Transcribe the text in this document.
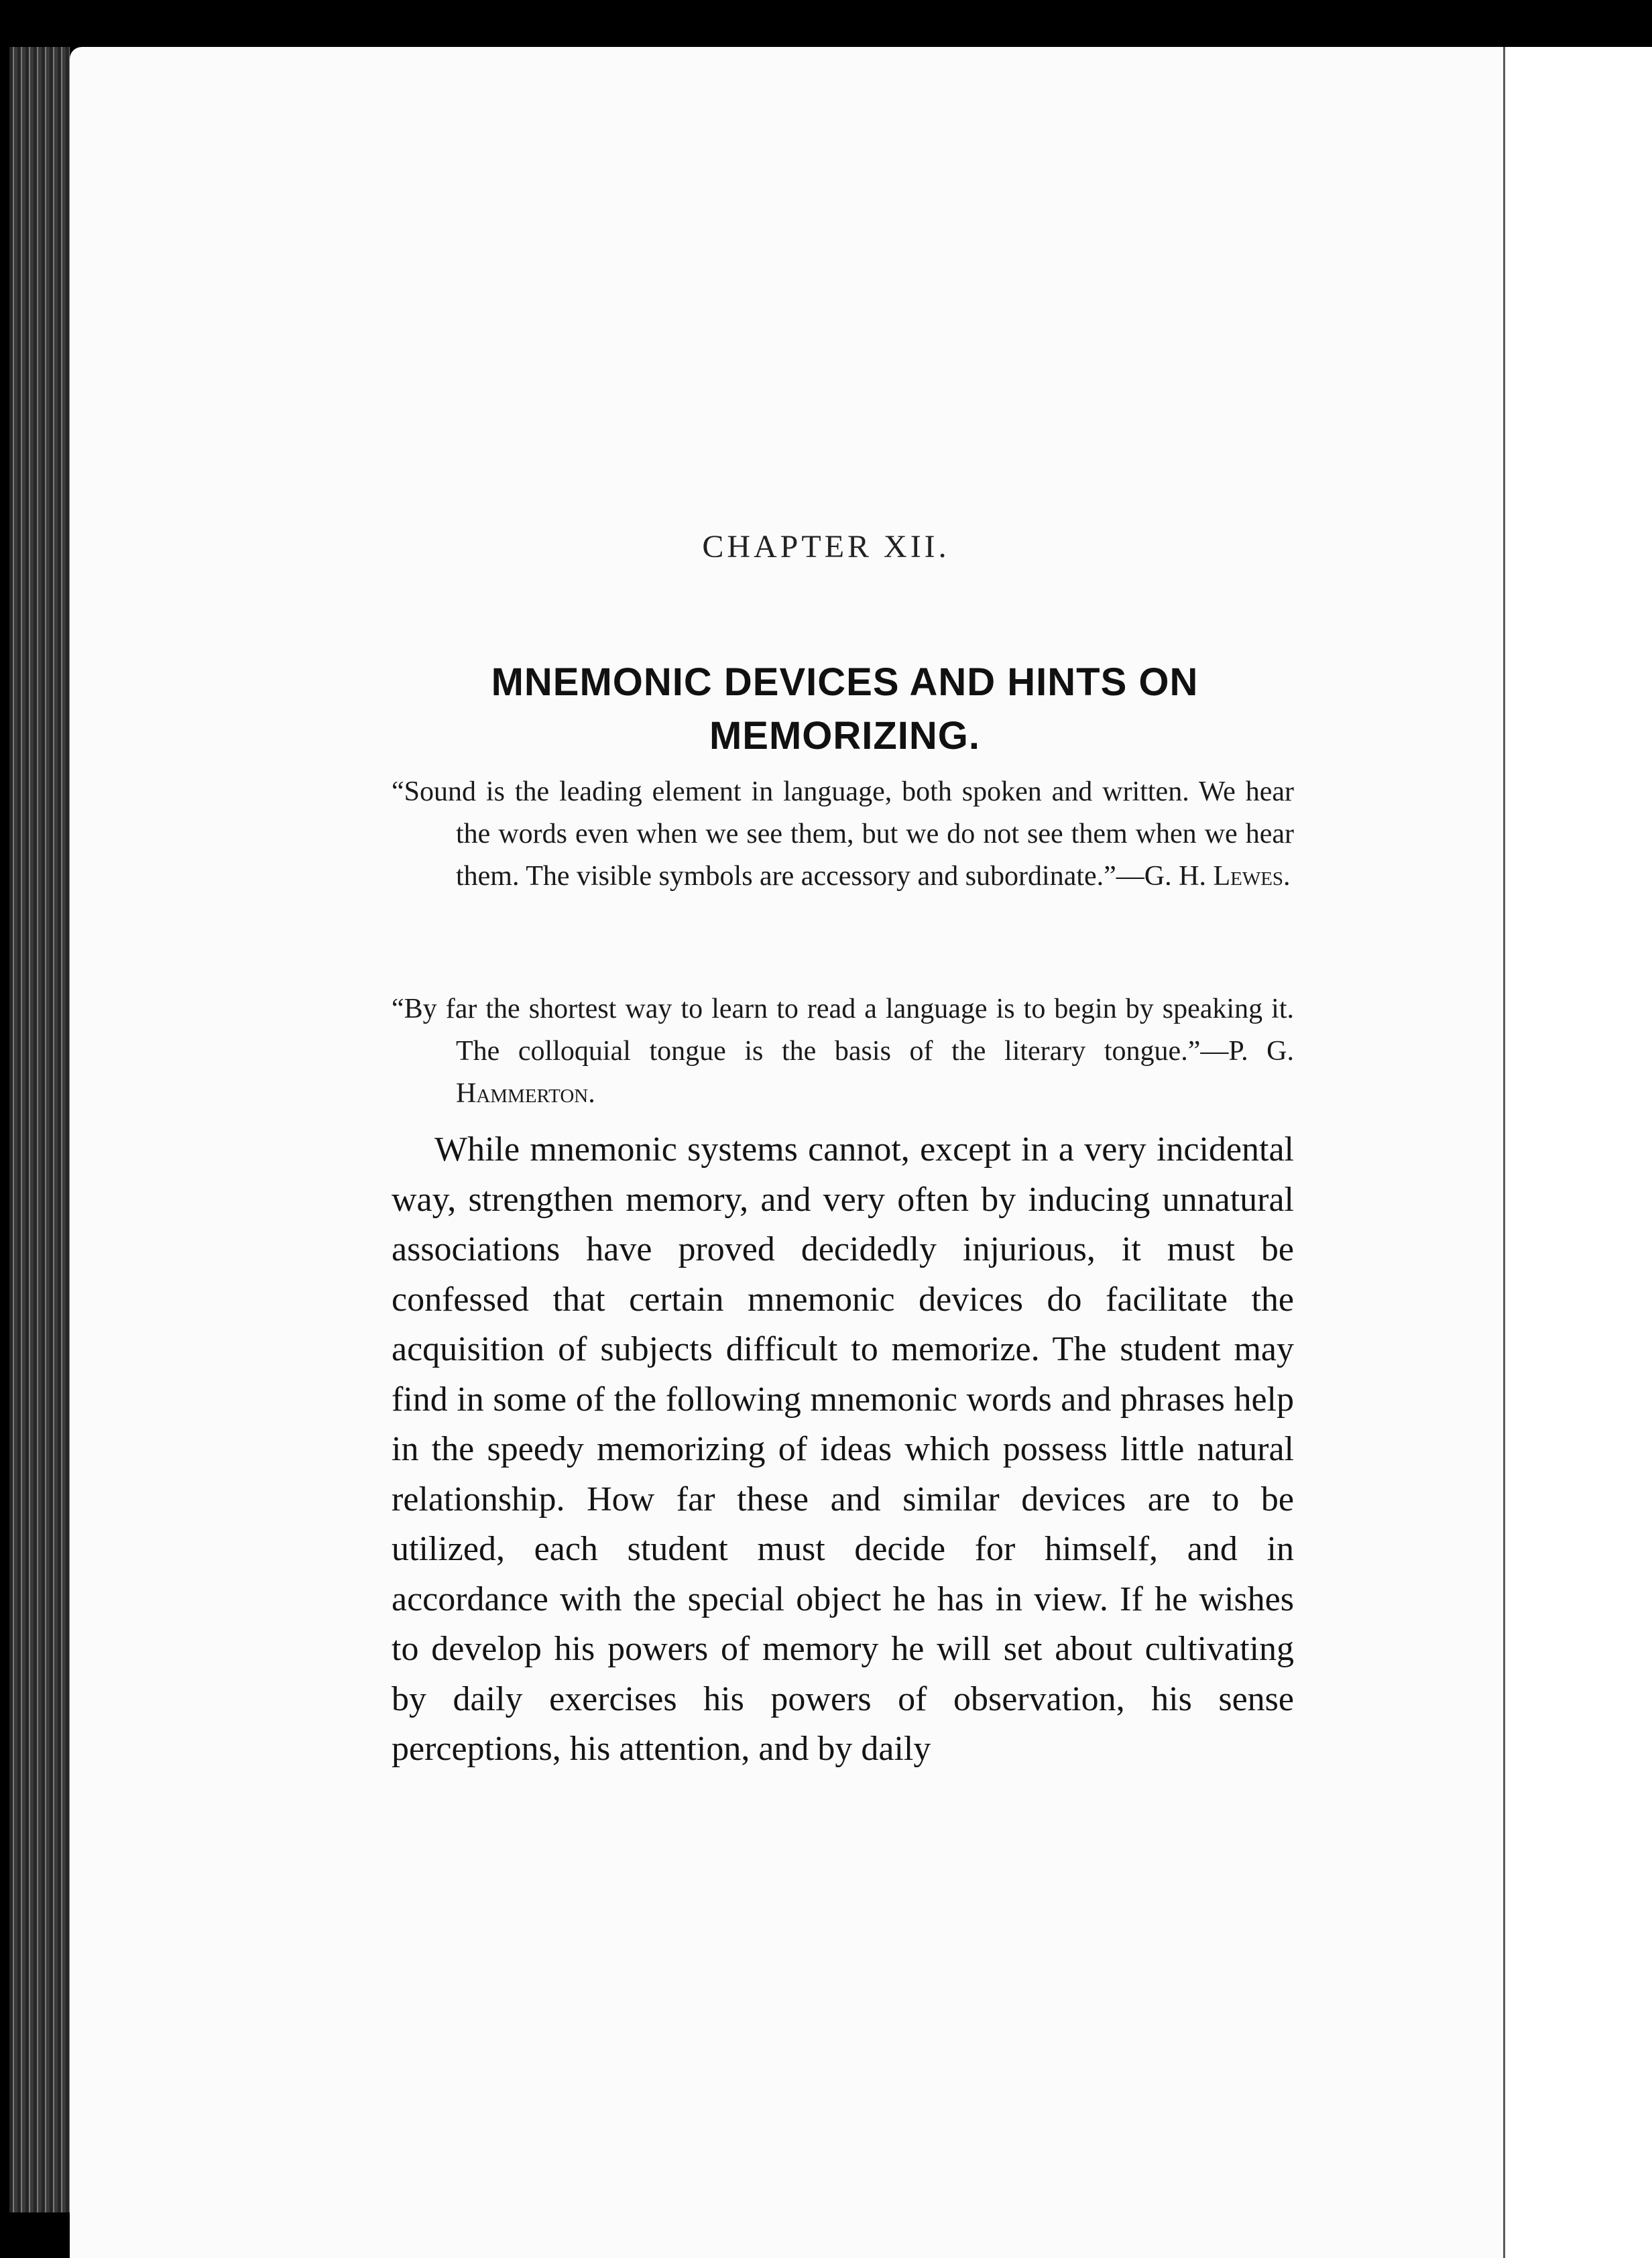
CHAPTER XII.
MNEMONIC DEVICES AND HINTS ON
MEMORIZING.

“Sound is the leading element in language, both spoken and written. We hear the words even when we see them, but we do not see them when we hear them. The visible symbols are accessory and subordinate.”—G. H. Lewes.

“By far the shortest way to learn to read a language is to begin by speaking it. The colloquial tongue is the basis of the literary tongue.”—P. G. Hammerton.

While mnemonic systems cannot, except in a very incidental way, strengthen memory, and very often by inducing unnatural associations have proved decidedly injurious, it must be confessed that certain mnemonic devices do facilitate the acquisition of subjects difficult to memorize. The student may find in some of the following mnemonic words and phrases help in the speedy memorizing of ideas which possess little natural relationship. How far these and similar devices are to be utilized, each student must decide for himself, and in accordance with the special object he has in view. If he wishes to develop his powers of memory he will set about cultivating by daily exercises his powers of observation, his sense perceptions, his attention, and by daily
